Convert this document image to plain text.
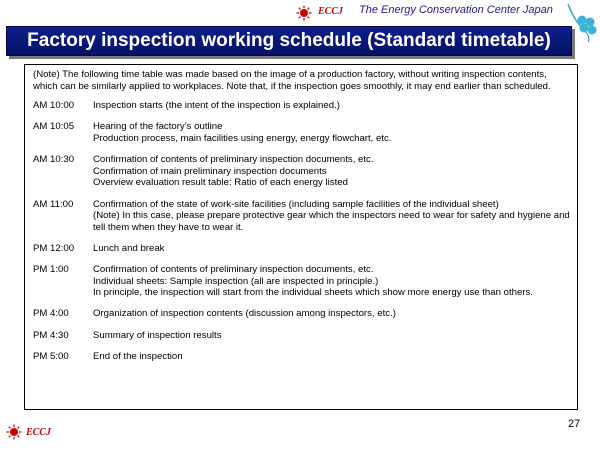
ECCJ The Energy Conservation Center Japan
Factory inspection working schedule (Standard timetable)

(Note) The following time table was made based on the image of a production factory, without writing inspection contents, which can be similarly applied to workplaces. Note that, if the inspection goes smoothly, it may end earlier than scheduled.

AM 10:00	Inspection starts (the intent of the inspection is explained.)
AM 10:05	Hearing of the factory’s outline
Production process, main facilities using energy, energy flowchart, etc.
AM 10:30	Confirmation of contents of preliminary inspection documents, etc.
Confirmation of main preliminary inspection documents
Overview evaluation result table: Ratio of each energy listed
AM 11:00	Confirmation of the state of work-site facilities (including sample facilities of the individual sheet)
(Note) In this case, please prepare protective gear which the inspectors need to wear for safety and hygiene and tell them when they have to wear it.
PM 12:00	Lunch and break
PM 1:00	Confirmation of contents of preliminary inspection documents, etc.
Individual sheets: Sample inspection (all are inspected in principle.)
In principle, the inspection will start from the individual sheets which show more energy use than others.
PM 4:00	Organization of inspection contents (discussion among inspectors, etc.)
PM 4:30	Summary of inspection results
PM 5:00	End of the inspection
27
ECCJ
